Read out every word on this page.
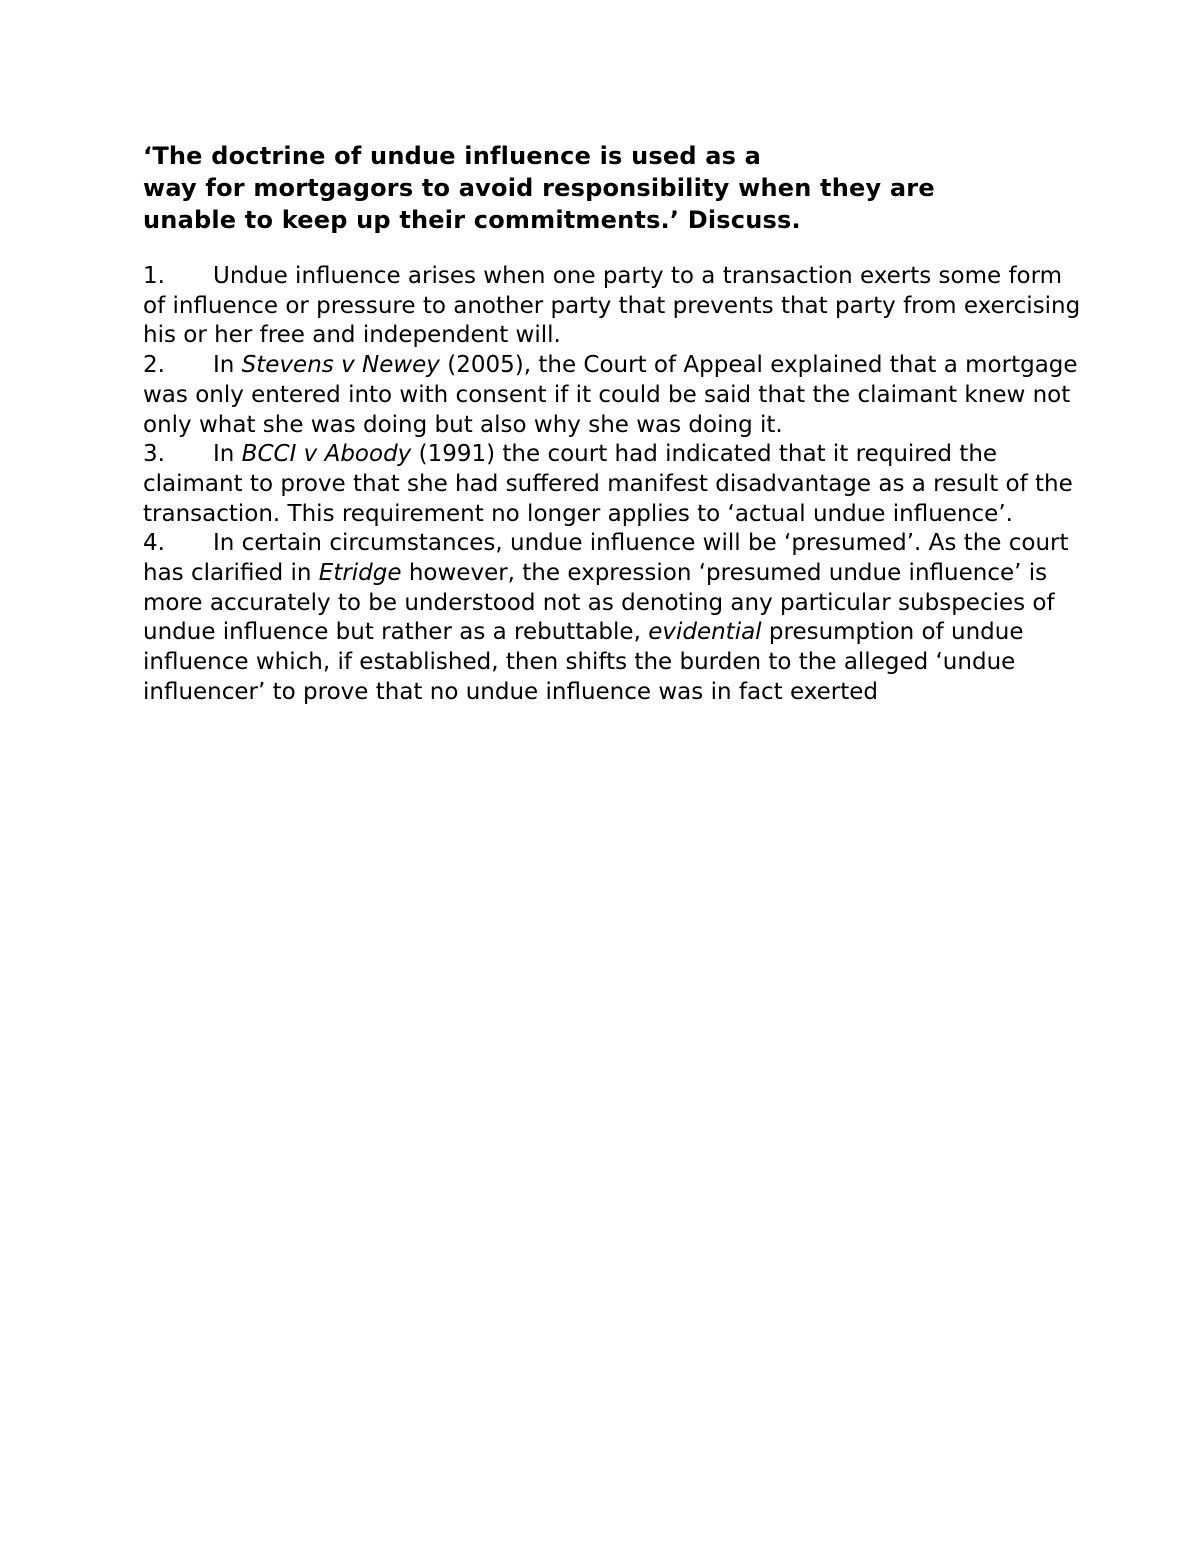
‘The doctrine of undue influence is used as a
way for mortgagors to avoid responsibility when they are
unable to keep up their commitments.’ Discuss.
1. Undue influence arises when one party to a transaction exerts some form of influence or pressure to another party that prevents that party from exercising his or her free and independent will.
2. In Stevens v Newey (2005), the Court of Appeal explained that a mortgage was only entered into with consent if it could be said that the claimant knew not only what she was doing but also why she was doing it.
3. In BCCI v Aboody (1991) the court had indicated that it required the claimant to prove that she had suffered manifest disadvantage as a result of the transaction. This requirement no longer applies to ‘actual undue influence’.
4. In certain circumstances, undue influence will be ‘presumed’. As the court has clarified in Etridge however, the expression ‘presumed undue influence’ is more accurately to be understood not as denoting any particular subspecies of undue influence but rather as a rebuttable, evidential presumption of undue influence which, if established, then shifts the burden to the alleged ‘undue influencer’ to prove that no undue influence was in fact exerted
